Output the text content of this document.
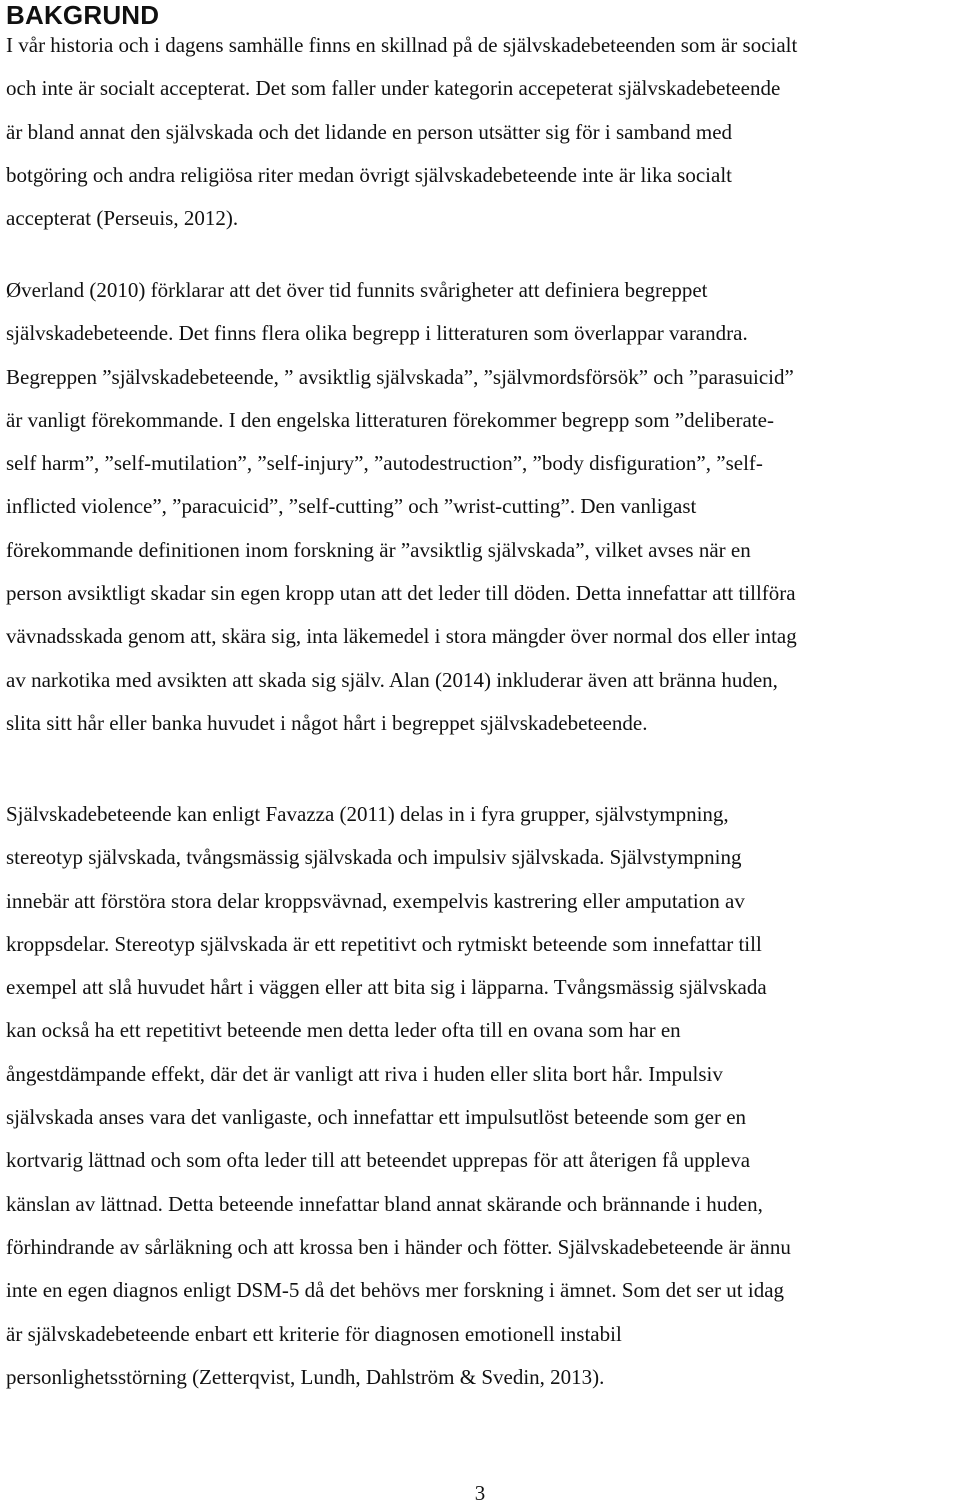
BAKGRUND
I vår historia och i dagens samhälle finns en skillnad på de självskadebeteenden som är socialt
och inte är socialt accepterat. Det som faller under kategorin accepeterat självskadebeteende
är bland annat den självskada och det lidande en person utsätter sig för i samband med
botgöring och andra religiösa riter medan övrigt självskadebeteende inte är lika socialt
accepterat (Perseuis, 2012).
Øverland (2010) förklarar att det över tid funnits svårigheter att definiera begreppet
självskadebeteende. Det finns flera olika begrepp i litteraturen som överlappar varandra.
Begreppen ”självskadebeteende, ” avsiktlig självskada”, ”självmordsförsök” och ”parasuicid”
är vanligt förekommande. I den engelska litteraturen förekommer begrepp som ”deliberate-
self harm”, ”self-mutilation”, ”self-injury”, ”autodestruction”, ”body disfiguration”, ”self-
inflicted violence”, ”paracuicid”, ”self-cutting” och ”wrist-cutting”. Den vanligast
förekommande definitionen inom forskning är ”avsiktlig självskada”, vilket avses när en
person avsiktligt skadar sin egen kropp utan att det leder till döden. Detta innefattar att tillföra
vävnadsskada genom att, skära sig, inta läkemedel i stora mängder över normal dos eller intag
av narkotika med avsikten att skada sig själv. Alan (2014) inkluderar även att bränna huden,
slita sitt hår eller banka huvudet i något hårt i begreppet självskadebeteende.
Självskadebeteende kan enligt Favazza (2011) delas in i fyra grupper, självstympning,
stereotyp självskada, tvångsmässig självskada och impulsiv självskada. Självstympning
innebär att förstöra stora delar kroppsvävnad, exempelvis kastrering eller amputation av
kroppsdelar. Stereotyp självskada är ett repetitivt och rytmiskt beteende som innefattar till
exempel att slå huvudet hårt i väggen eller att bita sig i läpparna. Tvångsmässig självskada
kan också ha ett repetitivt beteende men detta leder ofta till en ovana som har en
ångestdämpande effekt, där det är vanligt att riva i huden eller slita bort hår. Impulsiv
självskada anses vara det vanligaste, och innefattar ett impulsutlöst beteende som ger en
kortvarig lättnad och som ofta leder till att beteendet upprepas för att återigen få uppleva
känslan av lättnad. Detta beteende innefattar bland annat skärande och brännande i huden,
förhindrande av sårläkning och att krossa ben i händer och fötter. Självskadebeteende är ännu
inte en egen diagnos enligt DSM-5 då det behövs mer forskning i ämnet. Som det ser ut idag
är självskadebeteende enbart ett kriterie för diagnosen emotionell instabil
personlighetsstörning (Zetterqvist, Lundh, Dahlström & Svedin, 2013).
3
